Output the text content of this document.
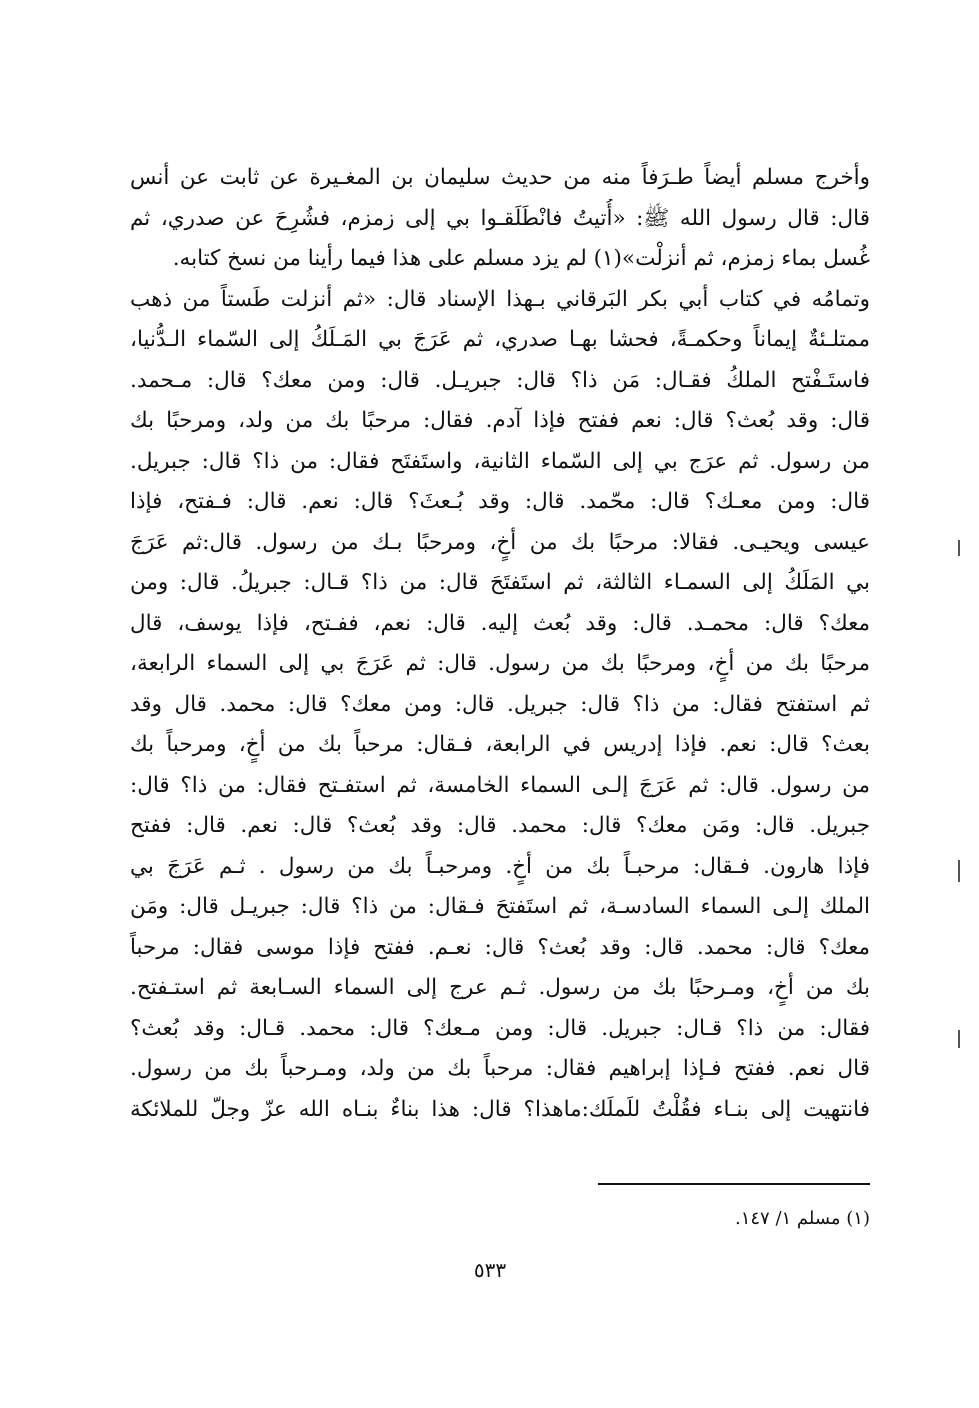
وأخرج مسلم أيضاً طـرَفاً منه من حديث سليمان بن المغـيرة عن ثابت عن أنس
قال: قال رسول الله ﷺ: «أُتيتُ فانْطَلَقـوا بي إلى زمزم، فشُرِحَ عن صدري، ثم
غُسل بماء زمزم، ثم أنزلْت»(١) لم يزد مسلم على هذا فيما رأينا من نسخ كتابه.
وتمامُه في كتاب أبي بكر البَرقاني بـهذا الإسناد قال: «ثم أنزلت طَستاً من ذهب
ممتلـئةٌ إيماناً وحكمـةً، فحشا بهـا صدري، ثم عَرَجَ بي المَـلَكُ إلى السّماء الـدُّنيا،
فاستَـفْتح الملكُ فقـال: مَن ذا؟ قال: جبريـل. قال: ومن معك؟ قال: مـحمد.
قال: وقد بُعث؟ قال: نعم ففتح فإذا آدم. فقال: مرحبًا بك من ولد، ومرحبًا بك
من رسول. ثم عرَج بي إلى السّماء الثانية، واستَفتَح فقال: من ذا؟ قال: جبريل.
قال: ومن معـك؟ قال: محّمد. قال: وقد بُـعثَ؟ قال: نعم. قال: فـفتح، فإذا
عيسى ويحيـى. فقالا: مرحبًا بك من أخٍ، ومرحبًا بـك من رسول. قال:ثم عَرَجَ
بي المَلَكُ إلى السمـاء الثالثة، ثم استَفتَحَ قال: من ذا؟ قـال: جبريلُ. قال: ومن
معك؟ قال: محمـد. قال: وقد بُعث إليه. قال: نعم، ففـتح، فإذا يوسف، قال
مرحبًا بك من أخٍ، ومرحبًا بك من رسول. قال: ثم عَرَجَ بي إلى السماء الرابعة،
ثم استفتح فقال: من ذا؟ قال: جبريل. قال: ومن معك؟ قال: محمد. قال وقد
بعث؟ قال: نعم. فإذا إدريس في الرابعة، فـقال: مرحباً بك من أخٍ، ومرحباً بك
من رسول. قال: ثم عَرَجَ إلـى السماء الخامسة، ثم استفـتح فقال: من ذا؟ قال:
جبريل. قال: ومَن معك؟ قال: محمد. قال: وقد بُعث؟ قال: نعم. قال: ففتح
فإذا هارون. فـقال: مرحبـاً بك من أخٍ. ومرحبـاً بك من رسول . ثـم عَرَجَ بي
الملك إلـى السماء السادسـة، ثم استَفتحَ فـقال: من ذا؟ قال: جبريـل قال: ومَن
معك؟ قال: محمد. قال: وقد بُعث؟ قال: نعـم. ففتح فإذا موسى فقال: مرحباً
بك من أخٍ، ومـرحبًا بك من رسول. ثـم عرج إلى السماء السـابعة ثم استـفتح.
فقال: من ذا؟ قـال: جبريل. قال: ومن مـعك؟ قال: محمد. قـال: وقد بُعث؟
قال نعم. ففتح فـإذا إبراهيم فقال: مرحباً بك من ولد، ومـرحباً بك من رسول.
فانتهيت إلى بنـاء فقُلْتُ للَملَك:ماهذا؟ قال: هذا بناءٌ بنـاه الله عزّ وجلّ للملائكة
(١) مسلم ١/ ١٤٧.
٥٣٣
